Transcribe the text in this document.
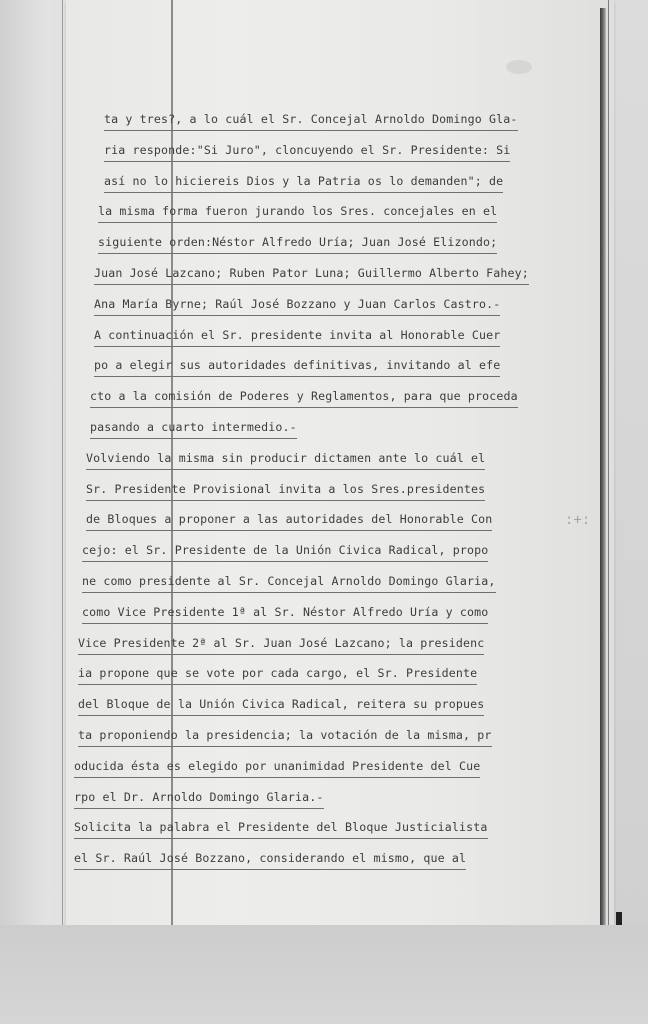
:+:
ta y tres?, a lo cuál el Sr. Concejal Arnoldo Domingo Gla-
ria responde:"Si Juro", cloncuyendo el Sr. Presidente: Si
así no lo hiciereis Dios y la Patria os lo demanden"; de
la misma forma fueron jurando los Sres. concejales en el
siguiente orden:Néstor Alfredo Uría; Juan José Elizondo;
Juan José Lazcano; Ruben Pator Luna; Guillermo Alberto Fahey;
Ana María Byrne; Raúl José Bozzano y Juan Carlos Castro.-
A continuación el Sr. presidente invita al Honorable Cuer
po a elegir sus autoridades definitivas, invitando al efe
cto a la comisión de Poderes y Reglamentos, para que proceda
pasando a cuarto intermedio.-
Volviendo la misma sin producir dictamen ante lo cuál el
Sr. Presidente Provisional invita a los Sres.presidentes
de Bloques a proponer a las autoridades del Honorable Con
cejo: el Sr. Presidente de la Unión Civica Radical, propo
ne como presidente al Sr. Concejal Arnoldo Domingo Glaria,
como Vice Presidente 1ª al Sr. Néstor Alfredo Uría y como
Vice Presidente 2ª al Sr. Juan José Lazcano; la presidenc
ia propone que se vote por cada cargo, el Sr. Presidente
del Bloque de la Unión Civica Radical, reitera su propues
ta proponiendo la presidencia; la votación de la misma, pr
oducida ésta es elegido por unanimidad Presidente del Cue
rpo el Dr. Arnoldo Domingo Glaria.-
Solicita la palabra el Presidente del Bloque Justicialista
el Sr. Raúl José Bozzano, considerando el mismo, que al
